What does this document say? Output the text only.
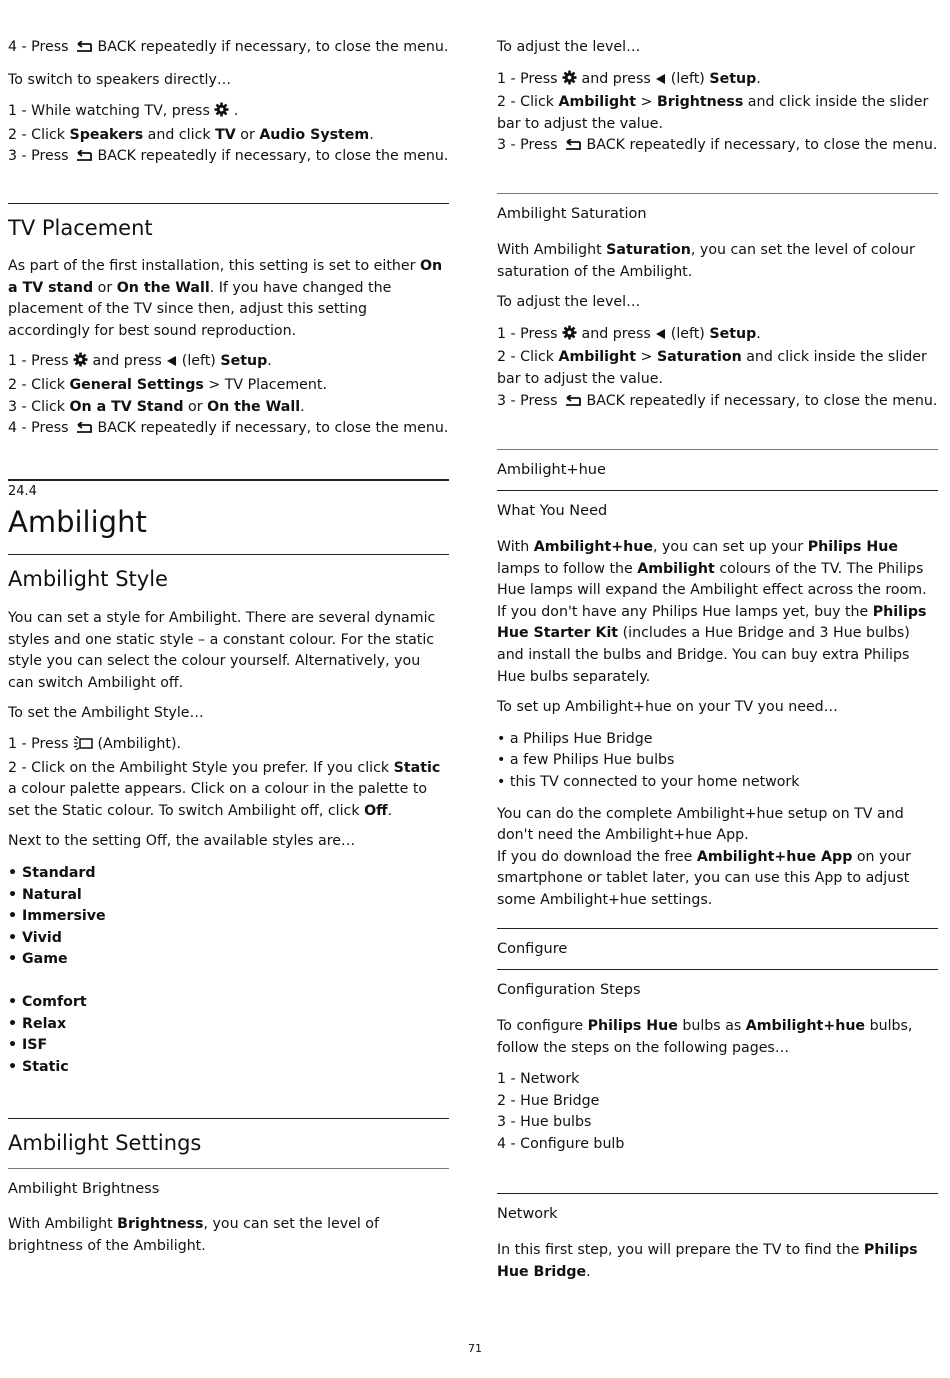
4 - Press  BACK repeatedly if necessary, to close the menu.

To switch to speakers directly…

1 - While watching TV, press  .

2 - Click Speakers and click TV or Audio System.

3 - Press  BACK repeatedly if necessary, to close the menu.

TV Placement

As part of the first installation, this setting is set to either On a TV stand or On the Wall. If you have changed the placement of the TV since then, adjust this setting accordingly for best sound reproduction.

1 - Press  and press  (left) Setup.

2 - Click General Settings > TV Placement.

3 - Click On a TV Stand or On the Wall.

4 - Press  BACK repeatedly if necessary, to close the menu.

24.4
Ambilight
Ambilight Style

You can set a style for Ambilight. There are several dynamic styles and one static style – a constant colour. For the static style you can select the colour yourself. Alternatively, you can switch Ambilight off.

To set the Ambilight Style…

1 - Press  (Ambilight).

2 - Click on the Ambilight Style you prefer. If you click Static a colour palette appears. Click on a colour in the palette to set the Static colour. To switch Ambilight off, click Off.

Next to the setting Off, the available styles are…

• Standard
• Natural
• Immersive
• Vivid
• Game
• Comfort
• Relax
• ISF
• Static
Ambilight Settings
Ambilight Brightness

With Ambilight Brightness, you can set the level of brightness of the Ambilight.

To adjust the level…

1 - Press  and press  (left) Setup.

2 - Click Ambilight > Brightness and click inside the slider bar to adjust the value.

3 - Press  BACK repeatedly if necessary, to close the menu.

Ambilight Saturation

With Ambilight Saturation, you can set the level of colour saturation of the Ambilight.

To adjust the level…

1 - Press  and press  (left) Setup.

2 - Click Ambilight > Saturation and click inside the slider bar to adjust the value.

3 - Press  BACK repeatedly if necessary, to close the menu.

Ambilight+hue
What You Need

With Ambilight+hue, you can set up your Philips Hue lamps to follow the Ambilight colours of the TV. The Philips Hue lamps will expand the Ambilight effect across the room. If you don't have any Philips Hue lamps yet, buy the Philips Hue Starter Kit (includes a Hue Bridge and 3 Hue bulbs) and install the bulbs and Bridge. You can buy extra Philips Hue bulbs separately.

To set up Ambilight+hue on your TV you need…

• a Philips Hue Bridge
• a few Philips Hue bulbs
• this TV connected to your home network

You can do the complete Ambilight+hue setup on TV and don't need the Ambilight+hue App.

If you do download the free Ambilight+hue App on your smartphone or tablet later, you can use this App to adjust some Ambilight+hue settings.

Configure
Configuration Steps

To configure Philips Hue bulbs as Ambilight+hue bulbs, follow the steps on the following pages…

1 - Network

2 - Hue Bridge

3 - Hue bulbs

4 - Configure bulb

Network

In this first step, you will prepare the TV to find the Philips Hue Bridge.

71
